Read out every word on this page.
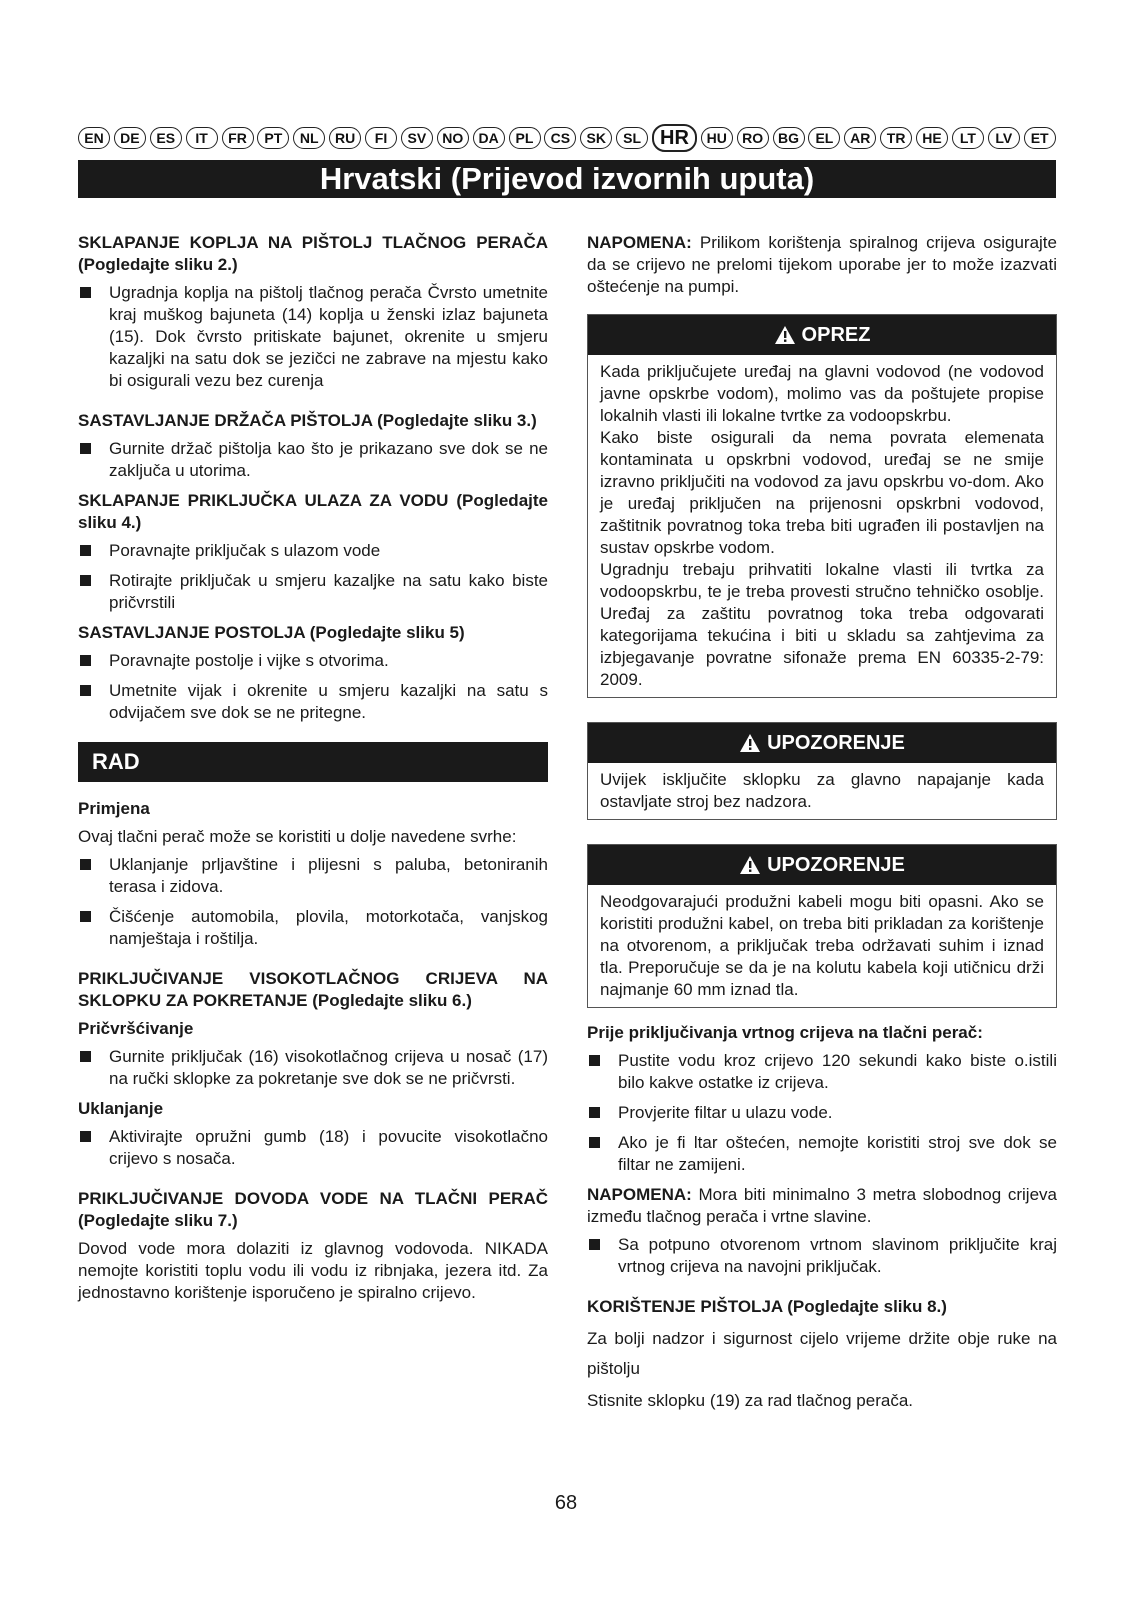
EN	DE	ES	IT	FR	PT	NL	RU	FI	SV	NO	DA	PL	CS	SK	SL HR	HU	RO	BG	EL	AR	TR	HE	LT	LV	ET
Hrvatski (Prijevod izvornih uputa)
SKLAPANJE KOPLJA NA PIŠTOLJ TLAČNOG PERAČA (Pogledajte sliku 2.)
Ugradnja koplja na pištolj tlačnog perača Čvrsto umetnite kraj muškog bajuneta (14) koplja u ženski izlaz bajuneta (15). Dok čvrsto pritiskate bajunet, okrenite u smjeru kazaljki na satu dok se jezičci ne zabrave na mjestu kako bi osigurali vezu bez curenja
SASTAVLJANJE DRŽAČA PIŠTOLJA (Pogledajte sliku 3.)
Gurnite držač pištolja kao što je prikazano sve dok se ne zaključa u utorima.
SKLAPANJE PRIKLJUČKA ULAZA ZA VODU (Pogledajte sliku 4.)
Poravnajte priključak s ulazom vode
Rotirajte priključak u smjeru kazaljke na satu kako biste pričvrstili
SASTAVLJANJE POSTOLJA (Pogledajte sliku 5)
Poravnajte postolje i vijke s otvorima.
Umetnite vijak i okrenite u smjeru kazaljki na satu s odvijačem sve dok se ne pritegne.
RAD
Primjena
Ovaj tlačni perač može se koristiti u dolje navedene svrhe:
Uklanjanje prljavštine i plijesni s paluba, betoniranih terasa i zidova.
Čišćenje automobila, plovila, motorkotača, vanjskog namještaja i roštilja.
PRIKLJUČIVANJE VISOKOTLAČNOG CRIJEVA NA SKLOPKU ZA POKRETANJE (Pogledajte sliku 6.)
Pričvršćivanje
Gurnite priključak (16) visokotlačnog crijeva u nosač (17) na ručki sklopke za pokretanje sve dok se ne pričvrsti.
Uklanjanje
Aktivirajte opružni gumb (18) i povucite visokotlačno crijevo s nosača.
PRIKLJUČIVANJE DOVODA VODE NA TLAČNI PERAČ (Pogledajte sliku 7.)
Dovod vode mora dolaziti iz glavnog vodovoda. NIKADA nemojte koristiti toplu vodu ili vodu iz ribnjaka, jezera itd. Za jednostavno korištenje isporučeno je spiralno crijevo.
NAPOMENA: Prilikom korištenja spiralnog crijeva osigurajte da se crijevo ne prelomi tijekom uporabe jer to može izazvati oštećenje na pumpi.
OPREZ
Kada priključujete uređaj na glavni vodovod (ne vodovod javne opskrbe vodom), molimo vas da poštujete propise lokalnih vlasti ili lokalne tvrtke za vodoopskrbu.
Kako biste osigurali da nema povrata elemenata kontaminata u opskrbni vodovod, uređaj se ne smije izravno priključiti na vodovod za javu opskrbu vo-dom. Ako je uređaj priključen na prijenosni opskrbni vodovod, zaštitnik povratnog toka treba biti ugrađen ili postavljen na sustav opskrbe vodom.
Ugradnju trebaju prihvatiti lokalne vlasti ili tvrtka za vodoopskrbu, te je treba provesti stručno tehničko osoblje. Uređaj za zaštitu povratnog toka treba odgovarati kategorijama tekućina i biti u skladu sa zahtjevima za izbjegavanje povratne sifonaže prema EN 60335-2-79: 2009.
UPOZORENJE
Uvijek isključite sklopku za glavno napajanje kada ostavljate stroj bez nadzora.
UPOZORENJE
Neodgovarajući produžni kabeli mogu biti opasni. Ako se koristiti produžni kabel, on treba biti prikladan za korištenje na otvorenom, a priključak treba održavati suhim i iznad tla. Preporučuje se da je na kolutu kabela koji utičnicu drži najmanje 60 mm iznad tla.
Prije priključivanja vrtnog crijeva na tlačni perač:
Pustite vodu kroz crijevo 120 sekundi kako biste o.istili bilo kakve ostatke iz crijeva.
Provjerite filtar u ulazu vode.
Ako je fi ltar oštećen, nemojte koristiti stroj sve dok se filtar ne zamijeni.
NAPOMENA: Mora biti minimalno 3 metra slobodnog crijeva između tlačnog perača i vrtne slavine.
Sa potpuno otvorenom vrtnom slavinom priključite kraj vrtnog crijeva na navojni priključak.
KORIŠTENJE PIŠTOLJA (Pogledajte sliku 8.)
Za bolji nadzor i sigurnost cijelo vrijeme držite obje ruke na pištolju
Stisnite sklopku (19) za rad tlačnog perača.
68
